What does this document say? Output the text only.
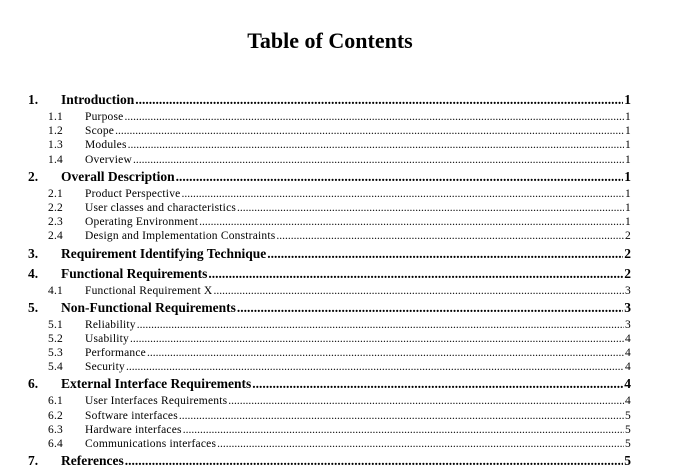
Table of Contents
1.	Introduction .....	1
1.1	Purpose .....	1
1.2	Scope .....	1
1.3	Modules .....	1
1.4	Overview .....	1
2.	Overall Description .....	1
2.1	Product Perspective .....	1
2.2	User classes and characteristics .....	1
2.3	Operating Environment .....	1
2.4	Design and Implementation Constraints .....	2
3.	Requirement Identifying Technique .....	2
4.	Functional Requirements .....	2
4.1	Functional Requirement X .....	3
5.	Non-Functional Requirements .....	3
5.1	Reliability .....	3
5.2	Usability .....	4
5.3	Performance .....	4
5.4	Security .....	4
6.	External Interface Requirements .....	4
6.1	User Interfaces Requirements .....	4
6.2	Software interfaces .....	5
6.3	Hardware interfaces .....	5
6.4	Communications interfaces .....	5
7.	References .....	5
